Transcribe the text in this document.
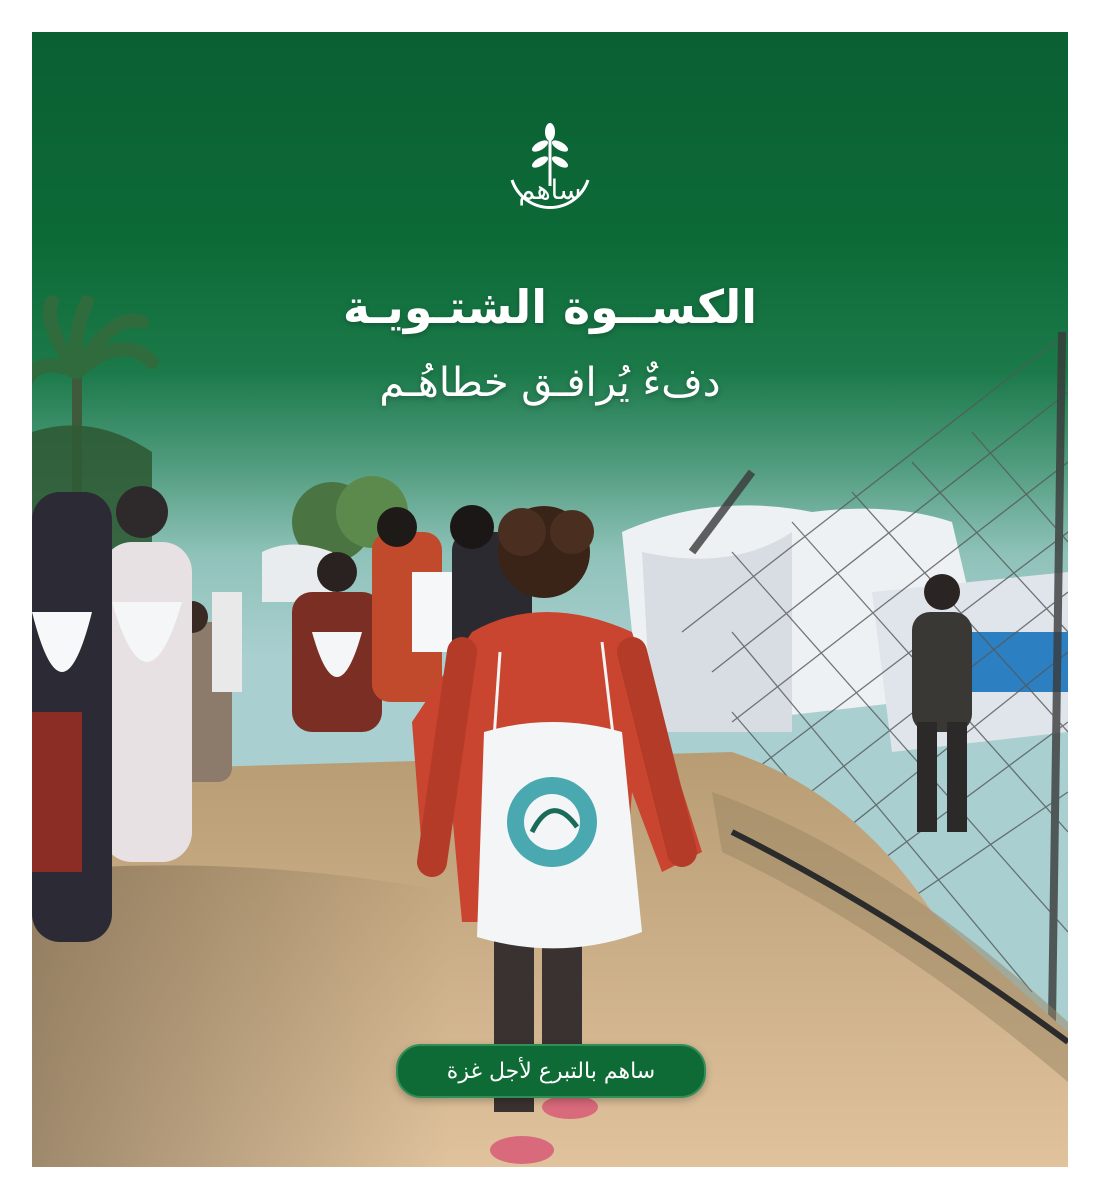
ساهم
الكســوة الشتـويـة
دفءٌ يُرافـق خطاهُـم
ساهم بالتبرع لأجل غزة
